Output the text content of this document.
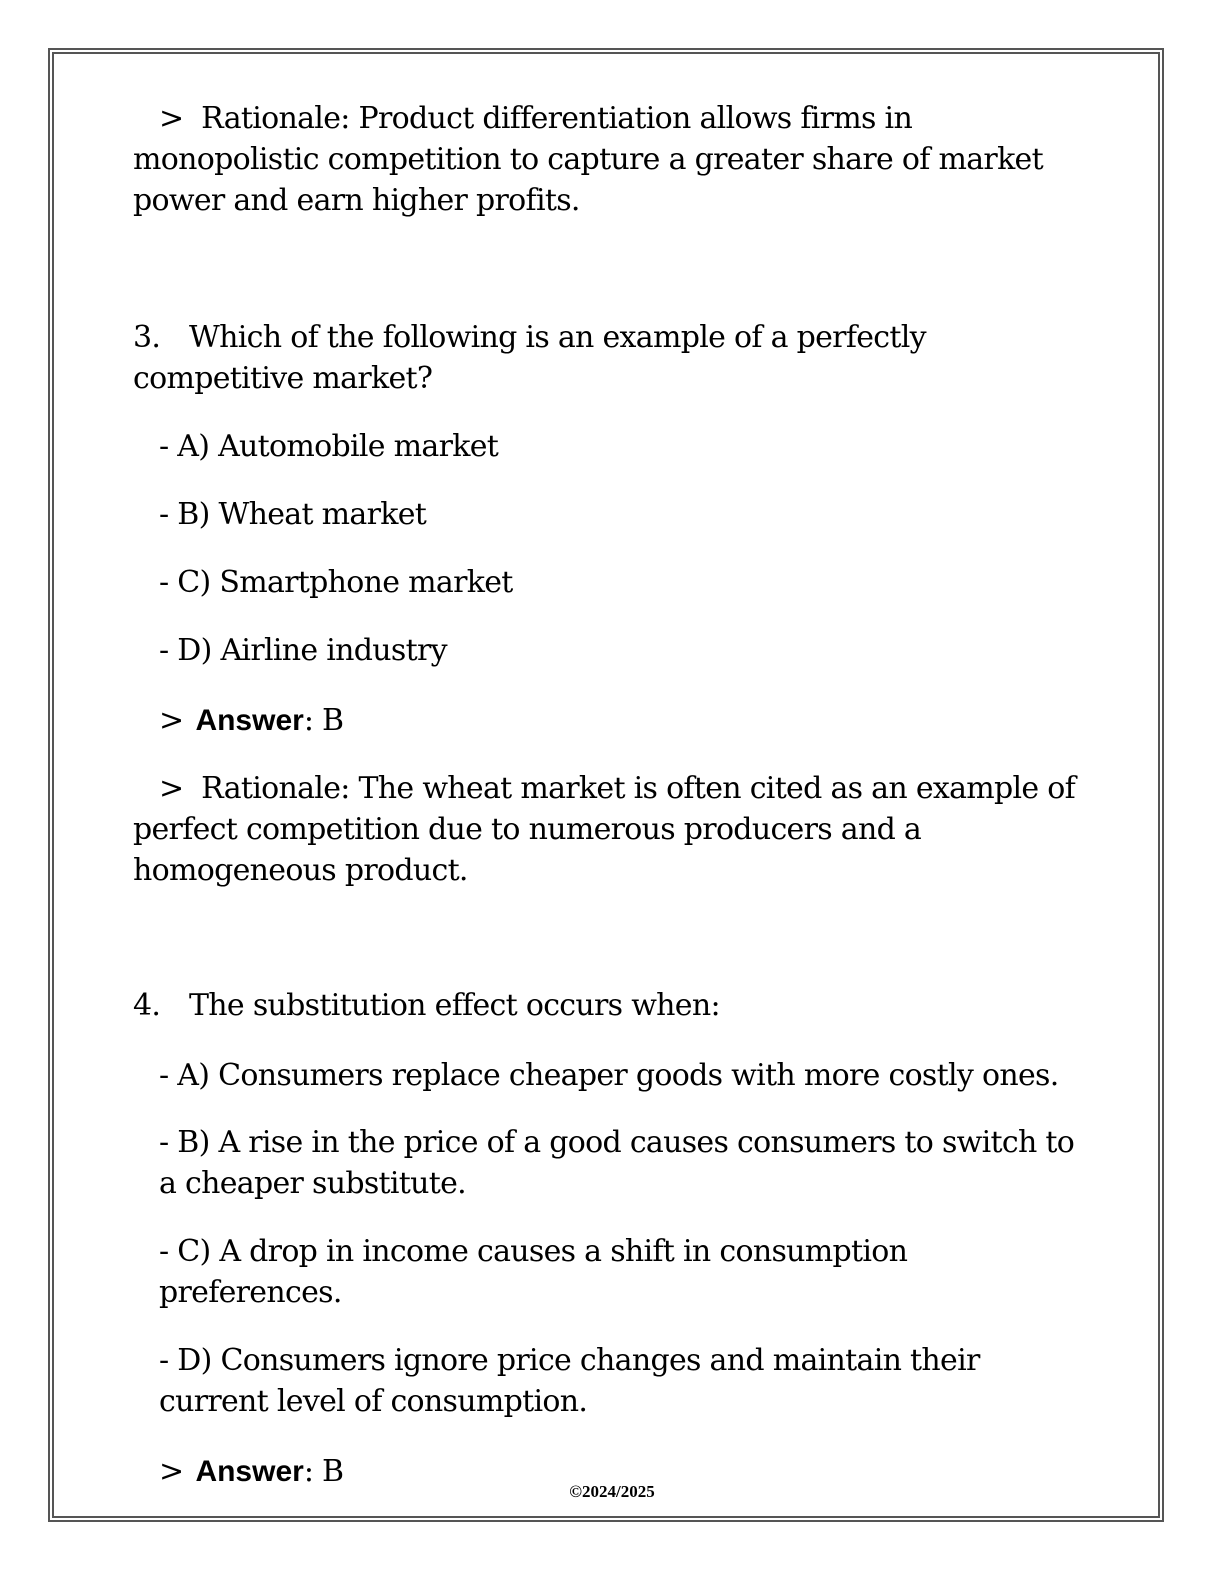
> Rationale: Product differentiation allows firms in monopolistic competition to capture a greater share of market power and earn higher profits.

3. Which of the following is an example of a perfectly competitive market?

- A) Automobile market

- B) Wheat market

- C) Smartphone market

- D) Airline industry

> Answer: B

> Rationale: The wheat market is often cited as an example of perfect competition due to numerous producers and a homogeneous product.

4. The substitution effect occurs when:

- A) Consumers replace cheaper goods with more costly ones.

- B) A rise in the price of a good causes consumers to switch to a cheaper substitute.

- C) A drop in income causes a shift in consumption preferences.

- D) Consumers ignore price changes and maintain their current level of consumption.

> Answer: B

©2024/2025
